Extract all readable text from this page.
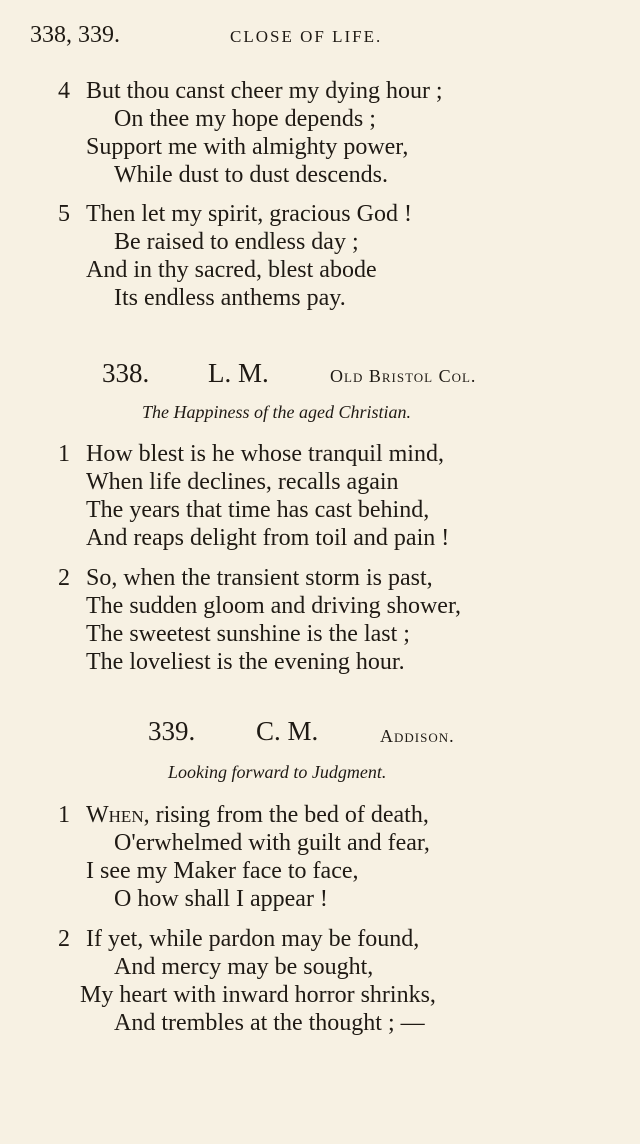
338, 339.	CLOSE OF LIFE.
4 But thou canst cheer my dying hour ;
On thee my hope depends ;
Support me with almighty power,
While dust to dust descends.
5 Then let my spirit, gracious God !
Be raised to endless day ;
And in thy sacred, blest abode
Its endless anthems pay.
338. L. M.	Old Bristol Col.
The Happiness of the aged Christian.
1 How blest is he whose tranquil mind,
When life declines, recalls again
The years that time has cast behind,
And reaps delight from toil and pain !
2 So, when the transient storm is past,
The sudden gloom and driving shower,
The sweetest sunshine is the last ;
The loveliest is the evening hour.
339. C. M.	Addison.
Looking forward to Judgment.
1 When, rising from the bed of death,
O'erwhelmed with guilt and fear,
I see my Maker face to face,
O how shall I appear !
2 If yet, while pardon may be found,
And mercy may be sought,
My heart with inward horror shrinks,
And trembles at the thought ; —
